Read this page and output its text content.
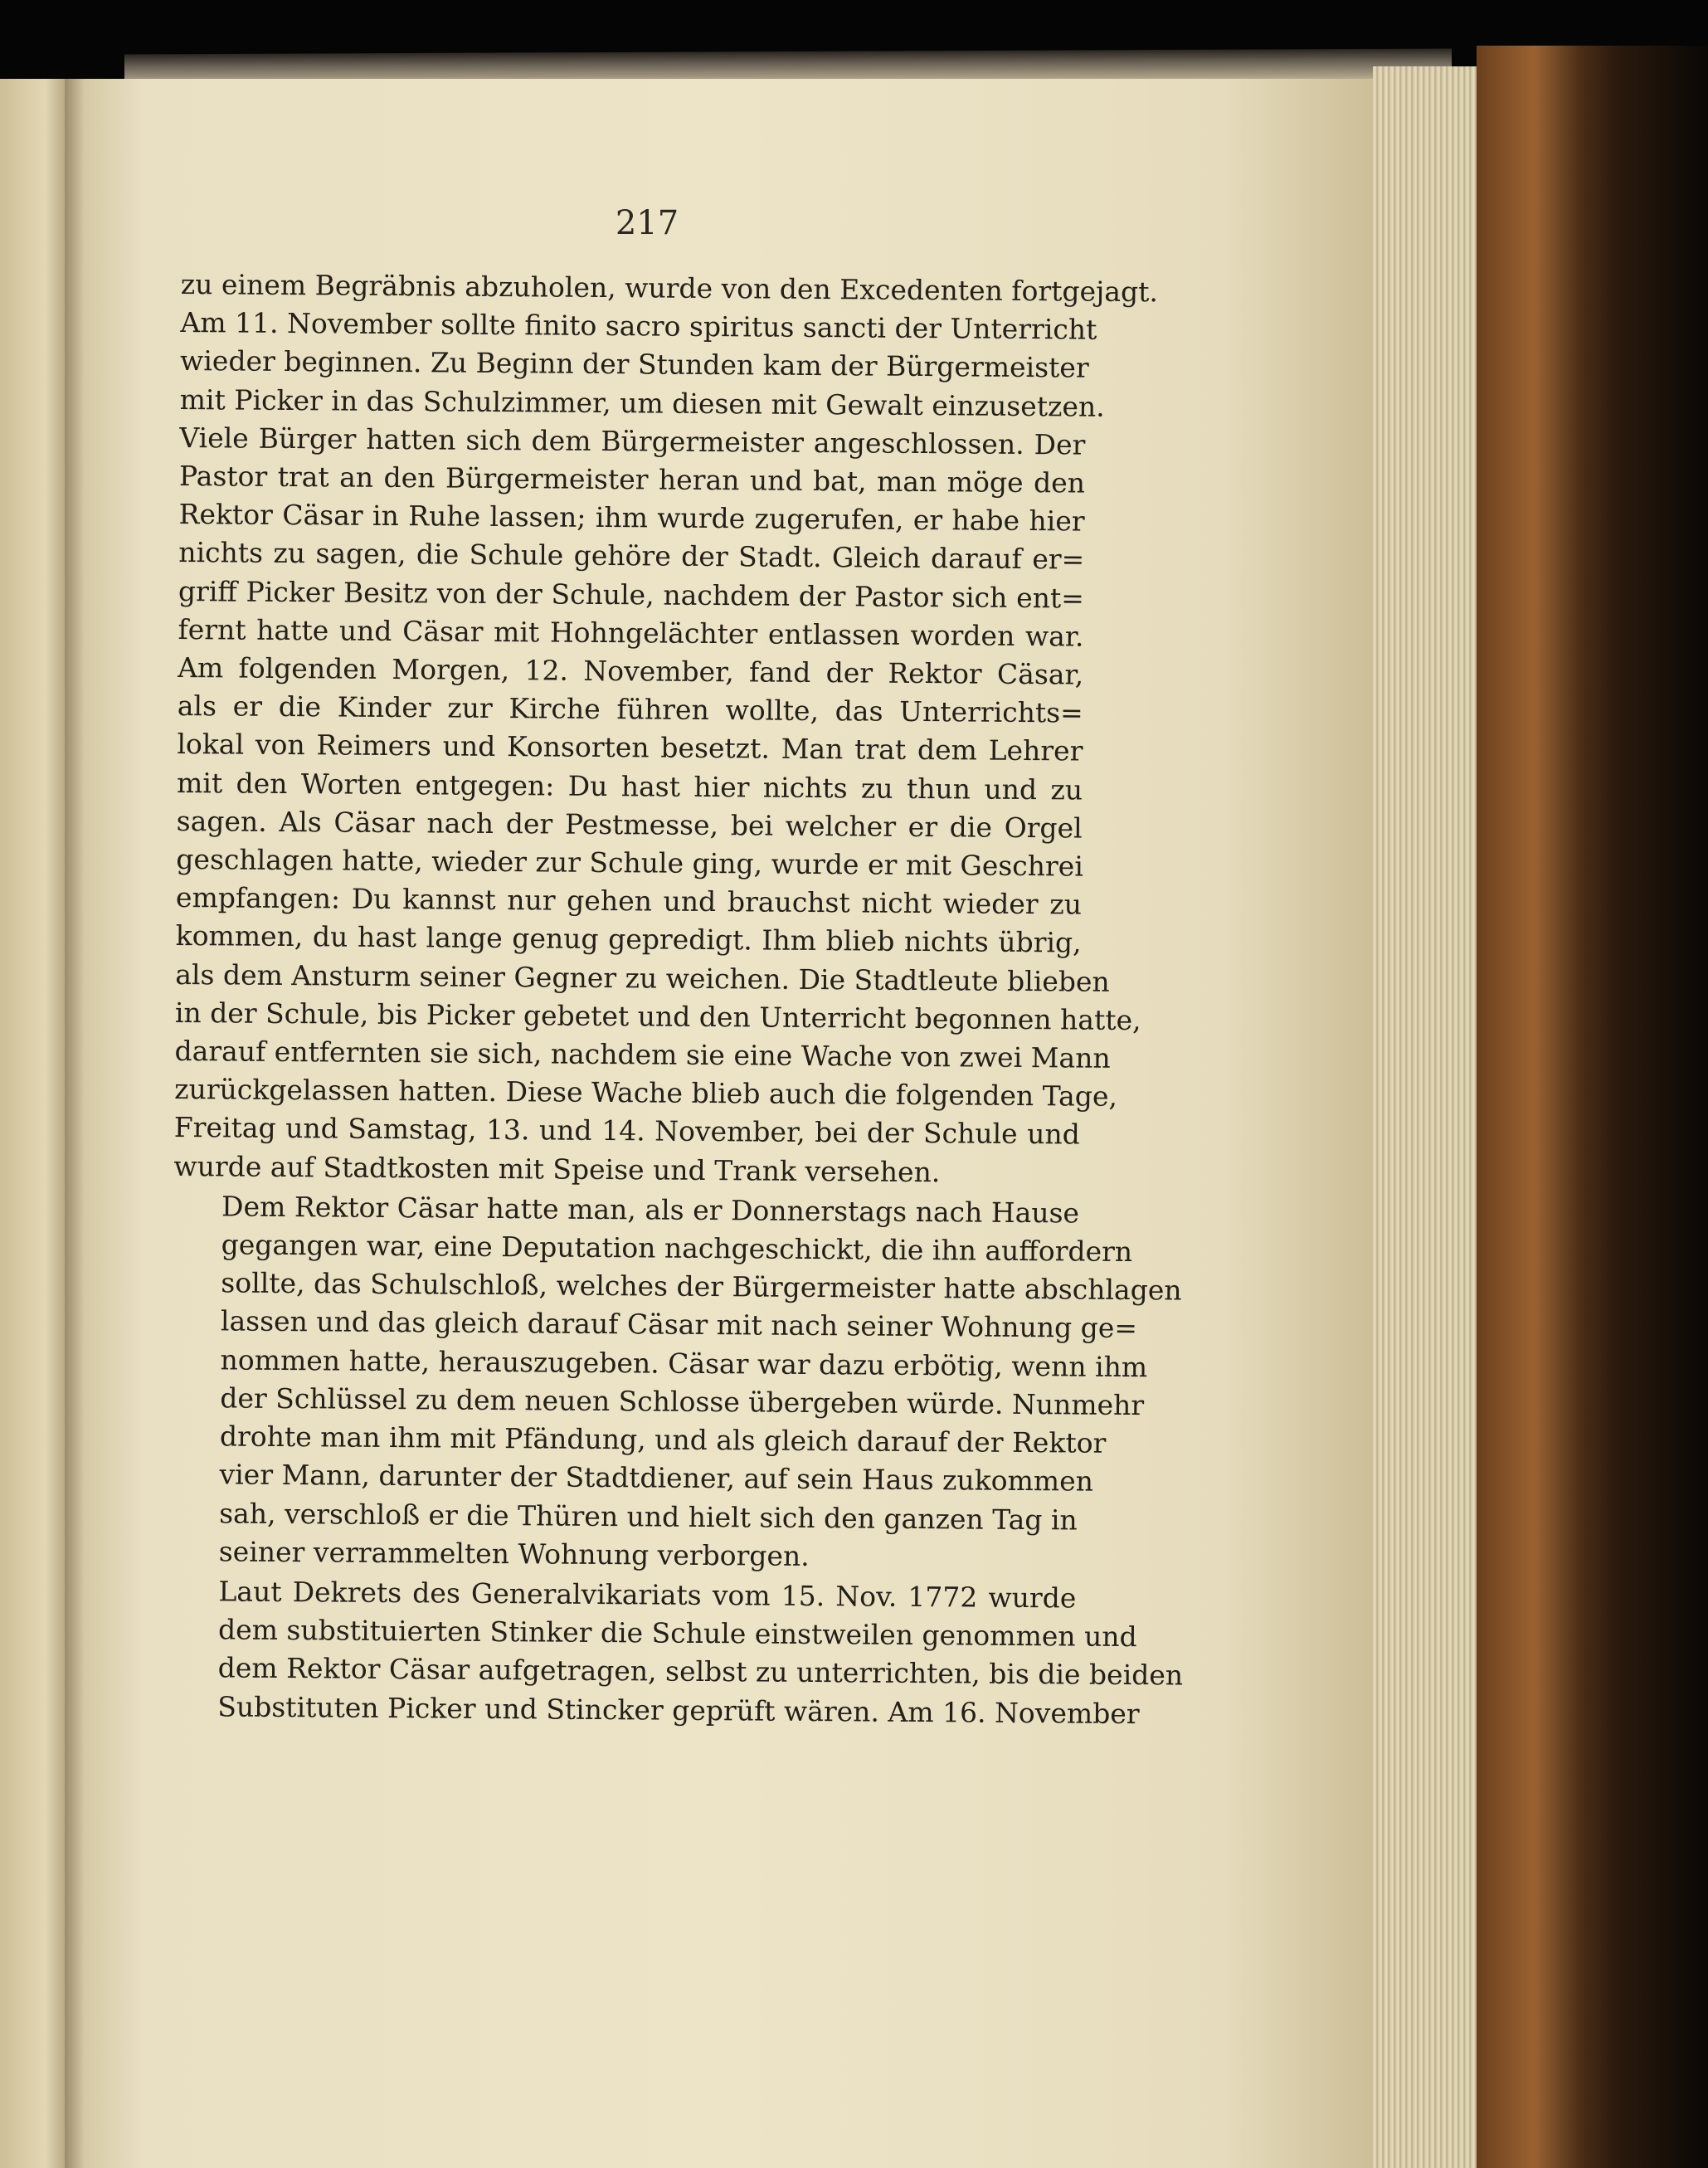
217
zu einem Begräbnis abzuholen, wurde von den Excedenten fortgejagt.
Am 11. November sollte finito sacro spiritus sancti der Unterricht
wieder beginnen. Zu Beginn der Stunden kam der Bürgermeister
mit Picker in das Schulzimmer, um diesen mit Gewalt einzusetzen.
Viele Bürger hatten sich dem Bürgermeister angeschlossen. Der
Pastor trat an den Bürgermeister heran und bat, man möge den
Rektor Cäsar in Ruhe lassen; ihm wurde zugerufen, er habe hier
nichts zu sagen, die Schule gehöre der Stadt. Gleich darauf er=
griff Picker Besitz von der Schule, nachdem der Pastor sich ent=
fernt hatte und Cäsar mit Hohngelächter entlassen worden war.
Am folgenden Morgen, 12. November, fand der Rektor Cäsar,
als er die Kinder zur Kirche führen wollte, das Unterrichts=
lokal von Reimers und Konsorten besetzt. Man trat dem Lehrer
mit den Worten entgegen: Du hast hier nichts zu thun und zu
sagen. Als Cäsar nach der Pestmesse, bei welcher er die Orgel
geschlagen hatte, wieder zur Schule ging, wurde er mit Geschrei
empfangen: Du kannst nur gehen und brauchst nicht wieder zu
kommen, du hast lange genug gepredigt. Ihm blieb nichts übrig,
als dem Ansturm seiner Gegner zu weichen. Die Stadtleute blieben
in der Schule, bis Picker gebetet und den Unterricht begonnen hatte,
darauf entfernten sie sich, nachdem sie eine Wache von zwei Mann
zurückgelassen hatten. Diese Wache blieb auch die folgenden Tage,
Freitag und Samstag, 13. und 14. November, bei der Schule und
wurde auf Stadtkosten mit Speise und Trank versehen.
Dem Rektor Cäsar hatte man, als er Donnerstags nach Hause
gegangen war, eine Deputation nachgeschickt, die ihn auffordern
sollte, das Schulschloß, welches der Bürgermeister hatte abschlagen
lassen und das gleich darauf Cäsar mit nach seiner Wohnung ge=
nommen hatte, herauszugeben. Cäsar war dazu erbötig, wenn ihm
der Schlüssel zu dem neuen Schlosse übergeben würde. Nunmehr
drohte man ihm mit Pfändung, und als gleich darauf der Rektor
vier Mann, darunter der Stadtdiener, auf sein Haus zukommen
sah, verschloß er die Thüren und hielt sich den ganzen Tag in
seiner verrammelten Wohnung verborgen.
Laut Dekrets des Generalvikariats vom 15. Nov. 1772 wurde
dem substituierten Stinker die Schule einstweilen genommen und
dem Rektor Cäsar aufgetragen, selbst zu unterrichten, bis die beiden
Substituten Picker und Stincker geprüft wären. Am 16. November
